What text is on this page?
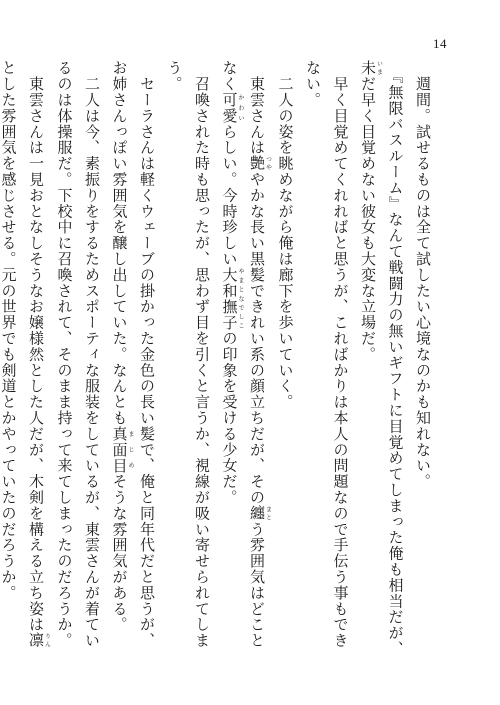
14

　週間。試せるものは全て試したい心境なのかも知れない。

　『無限バスルーム』なんて戦闘力の無いギフトに目覚めてしまった俺も相当だが、未いまだ早く目覚めない彼女も大変な立場だ。

　早く目覚めてくれればと思うが、こればかりは本人の問題なので手伝う事もできない。

　二人の姿を眺めながら俺は廊下を歩いていく。

　東雲さんは艶つややかな長い黒髪できれい系の顔立ちだが、その纏まとう雰囲気はどことなく可愛かわいらしい。今時珍しい大和撫子やまとなでしこの印象を受ける少女だ。

　召喚された時も思ったが、思わず目を引くと言うか、視線が吸い寄せられてしまう。

　セーラさんは軽くウェーブの掛かった金色の長い髪で、俺と同年代だと思うが、お姉さんっぽい雰囲気を醸し出していた。なんとも真面目まじめそうな雰囲気がある。

　二人は今、素振りをするためスポーティな服装をしているが、東雲さんが着ているのは体操服だ。下校中に召喚されて、そのまま持って来てしまったのだろうか。

　東雲さんは一見おとなしそうなお嬢様然とした人だが、木剣を構える立ち姿は凛りんとした雰囲気を感じさせる。元の世界でも剣道とかやっていたのだろうか。
